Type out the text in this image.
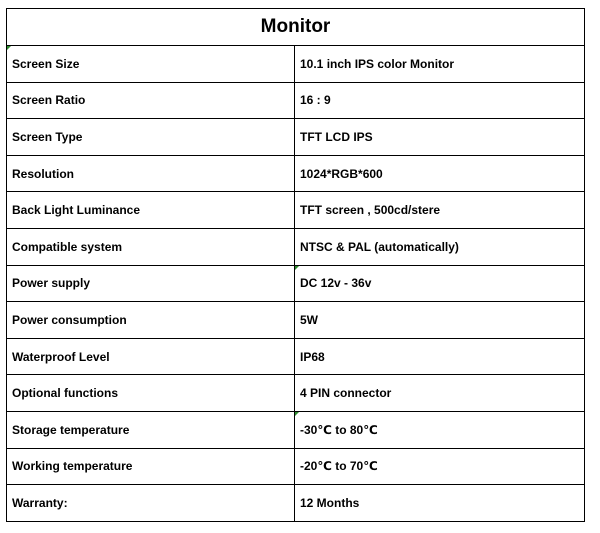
Monitor	
Screen Size	10.1 inch IPS color Monitor
Screen Ratio	16 : 9
Screen Type	TFT LCD IPS
Resolution	1024*RGB*600
Back Light Luminance	TFT screen , 500cd/stere
Compatible system	NTSC & PAL (automatically)
Power supply	DC 12v - 36v
Power consumption	5W
Waterproof Level	IP68
Optional functions	4 PIN connector
Storage temperature	-30℃ to 80℃
Working temperature	-20℃ to 70℃
Warranty:	12 Months
